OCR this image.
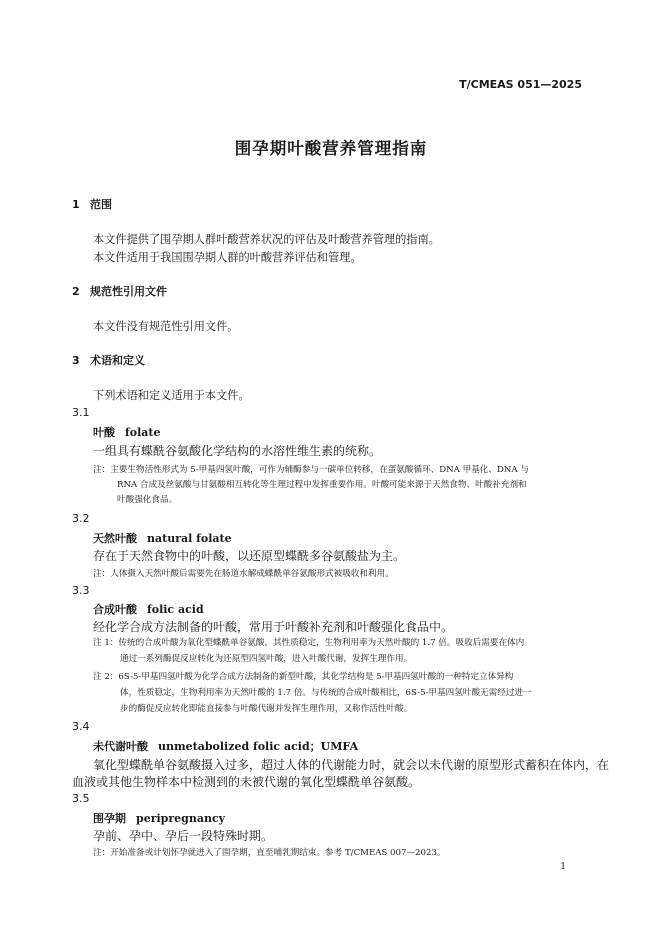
T/CMEAS 051—2025
围孕期叶酸营养管理指南
1 范围
本文件提供了围孕期人群叶酸营养状况的评估及叶酸营养管理的指南。
本文件适用于我国围孕期人群的叶酸营养评估和管理。
2 规范性引用文件
本文件没有规范性引用文件。
3 术语和定义
下列术语和定义适用于本文件。
3.1
叶酸 folate
一组具有蝶酰谷氨酸化学结构的水溶性维生素的统称。
注：主要生物活性形式为 5-甲基四氢叶酸，可作为辅酶参与一碳单位转移，在蛋氨酸循环、DNA 甲基化、DNA 与
RNA 合成及丝氨酸与甘氨酸相互转化等生理过程中发挥重要作用。叶酸可能来源于天然食物、叶酸补充剂和
叶酸强化食品。
3.2
天然叶酸 natural folate
存在于天然食物中的叶酸，以还原型蝶酰多谷氨酸盐为主。
注：人体摄入天然叶酸后需要先在肠道水解成蝶酰单谷氨酸形式被吸收和利用。
3.3
合成叶酸 folic acid
经化学合成方法制备的叶酸，常用于叶酸补充剂和叶酸强化食品中。
注 1：传统的合成叶酸为氧化型蝶酰单谷氨酸，其性质稳定，生物利用率为天然叶酸的 1.7 倍。吸收后需要在体内
通过一系列酶促反应转化为还原型四氢叶酸，进入叶酸代谢，发挥生理作用。
注 2：6S-5-甲基四氢叶酸为化学合成方法制备的新型叶酸，其化学结构是 5-甲基四氢叶酸的一种特定立体异构
体，性质稳定，生物利用率为天然叶酸的 1.7 倍。与传统的合成叶酸相比，6S-5-甲基四氢叶酸无需经过进一
步的酶促反应转化即能直接参与叶酸代谢并发挥生理作用，又称作活性叶酸。
3.4
未代谢叶酸 unmetabolized folic acid；UMFA
氧化型蝶酰单谷氨酸摄入过多，超过人体的代谢能力时，就会以未代谢的原型形式蓄积在体内，在
血液或其他生物样本中检测到的未被代谢的氧化型蝶酰单谷氨酸。
3.5
围孕期 peripregnancy
孕前、孕中、孕后一段特殊时期。
注：开始准备或计划怀孕就进入了围孕期，直至哺乳期结束。参考 T/CMEAS 007—2023。
1
